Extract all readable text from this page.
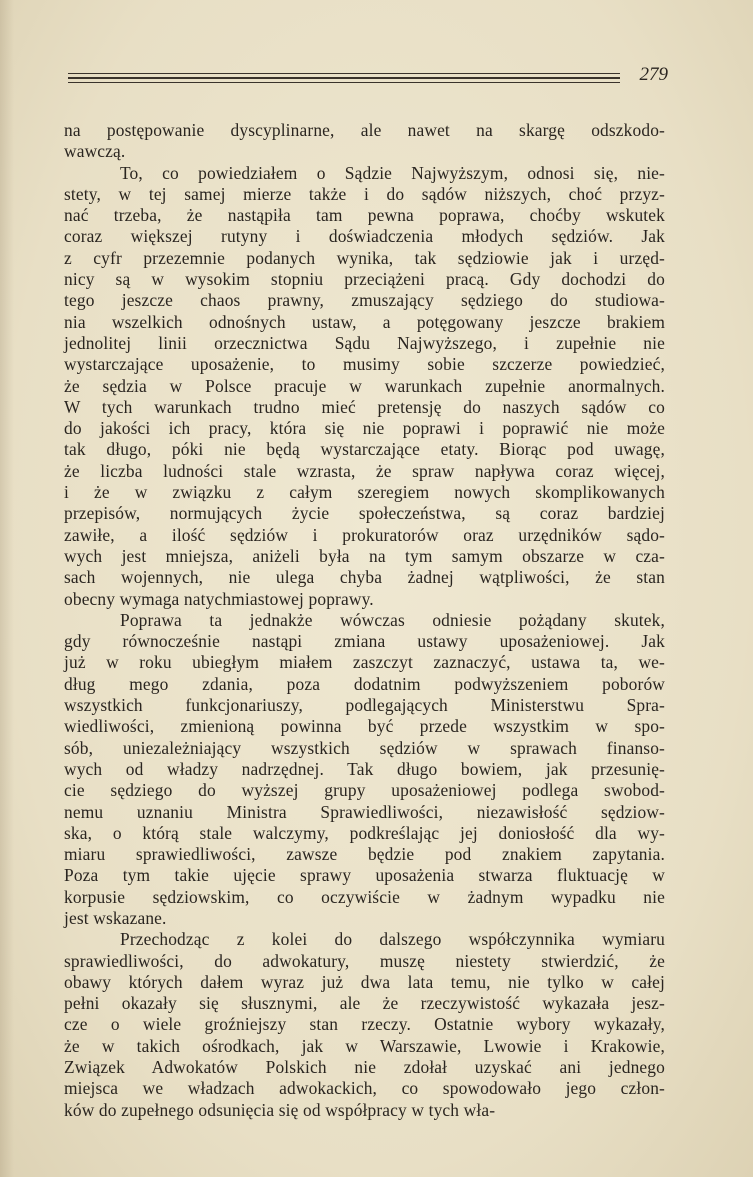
279
na postępowanie dyscyplinarne, ale nawet na skargę odszkodo-
wawczą.
To, co powiedziałem o Sądzie Najwyższym, odnosi się, nie-
stety, w tej samej mierze także i do sądów niższych, choć przyz-
nać trzeba, że nastąpiła tam pewna poprawa, choćby wskutek
coraz większej rutyny i doświadczenia młodych sędziów. Jak
z cyfr przezemnie podanych wynika, tak sędziowie jak i urzęd-
nicy są w wysokim stopniu przeciążeni pracą. Gdy dochodzi do
tego jeszcze chaos prawny, zmuszający sędziego do studiowa-
nia wszelkich odnośnych ustaw, a potęgowany jeszcze brakiem
jednolitej linii orzecznictwa Sądu Najwyższego, i zupełnie nie
wystarczające uposażenie, to musimy sobie szczerze powiedzieć,
że sędzia w Polsce pracuje w warunkach zupełnie anormalnych.
W tych warunkach trudno mieć pretensję do naszych sądów co
do jakości ich pracy, która się nie poprawi i poprawić nie może
tak długo, póki nie będą wystarczające etaty. Biorąc pod uwagę,
że liczba ludności stale wzrasta, że spraw napływa coraz więcej,
i że w związku z całym szeregiem nowych skomplikowanych
przepisów, normujących życie społeczeństwa, są coraz bardziej
zawiłe, a ilość sędziów i prokuratorów oraz urzędników sądo-
wych jest mniejsza, aniżeli była na tym samym obszarze w cza-
sach wojennych, nie ulega chyba żadnej wątpliwości, że stan
obecny wymaga natychmiastowej poprawy.
Poprawa ta jednakże wówczas odniesie pożądany skutek,
gdy równocześnie nastąpi zmiana ustawy uposażeniowej. Jak
już w roku ubiegłym miałem zaszczyt zaznaczyć, ustawa ta, we-
dług mego zdania, poza dodatnim podwyższeniem poborów
wszystkich funkcjonariuszy, podlegających Ministerstwu Spra-
wiedliwości, zmienioną powinna być przede wszystkim w spo-
sób, uniezależniający wszystkich sędziów w sprawach finanso-
wych od władzy nadrzędnej. Tak długo bowiem, jak przesunię-
cie sędziego do wyższej grupy uposażeniowej podlega swobod-
nemu uznaniu Ministra Sprawiedliwości, niezawisłość sędziow-
ska, o którą stale walczymy, podkreślając jej doniosłość dla wy-
miaru sprawiedliwości, zawsze będzie pod znakiem zapytania.
Poza tym takie ujęcie sprawy uposażenia stwarza fluktuację w
korpusie sędziowskim, co oczywiście w żadnym wypadku nie
jest wskazane.
Przechodząc z kolei do dalszego współczynnika wymiaru
sprawiedliwości, do adwokatury, muszę niestety stwierdzić, że
obawy których dałem wyraz już dwa lata temu, nie tylko w całej
pełni okazały się słusznymi, ale że rzeczywistość wykazała jesz-
cze o wiele groźniejszy stan rzeczy. Ostatnie wybory wykazały,
że w takich ośrodkach, jak w Warszawie, Lwowie i Krakowie,
Związek Adwokatów Polskich nie zdołał uzyskać ani jednego
miejsca we władzach adwokackich, co spowodowało jego człon-
ków do zupełnego odsunięcia się od współpracy w tych wła-
